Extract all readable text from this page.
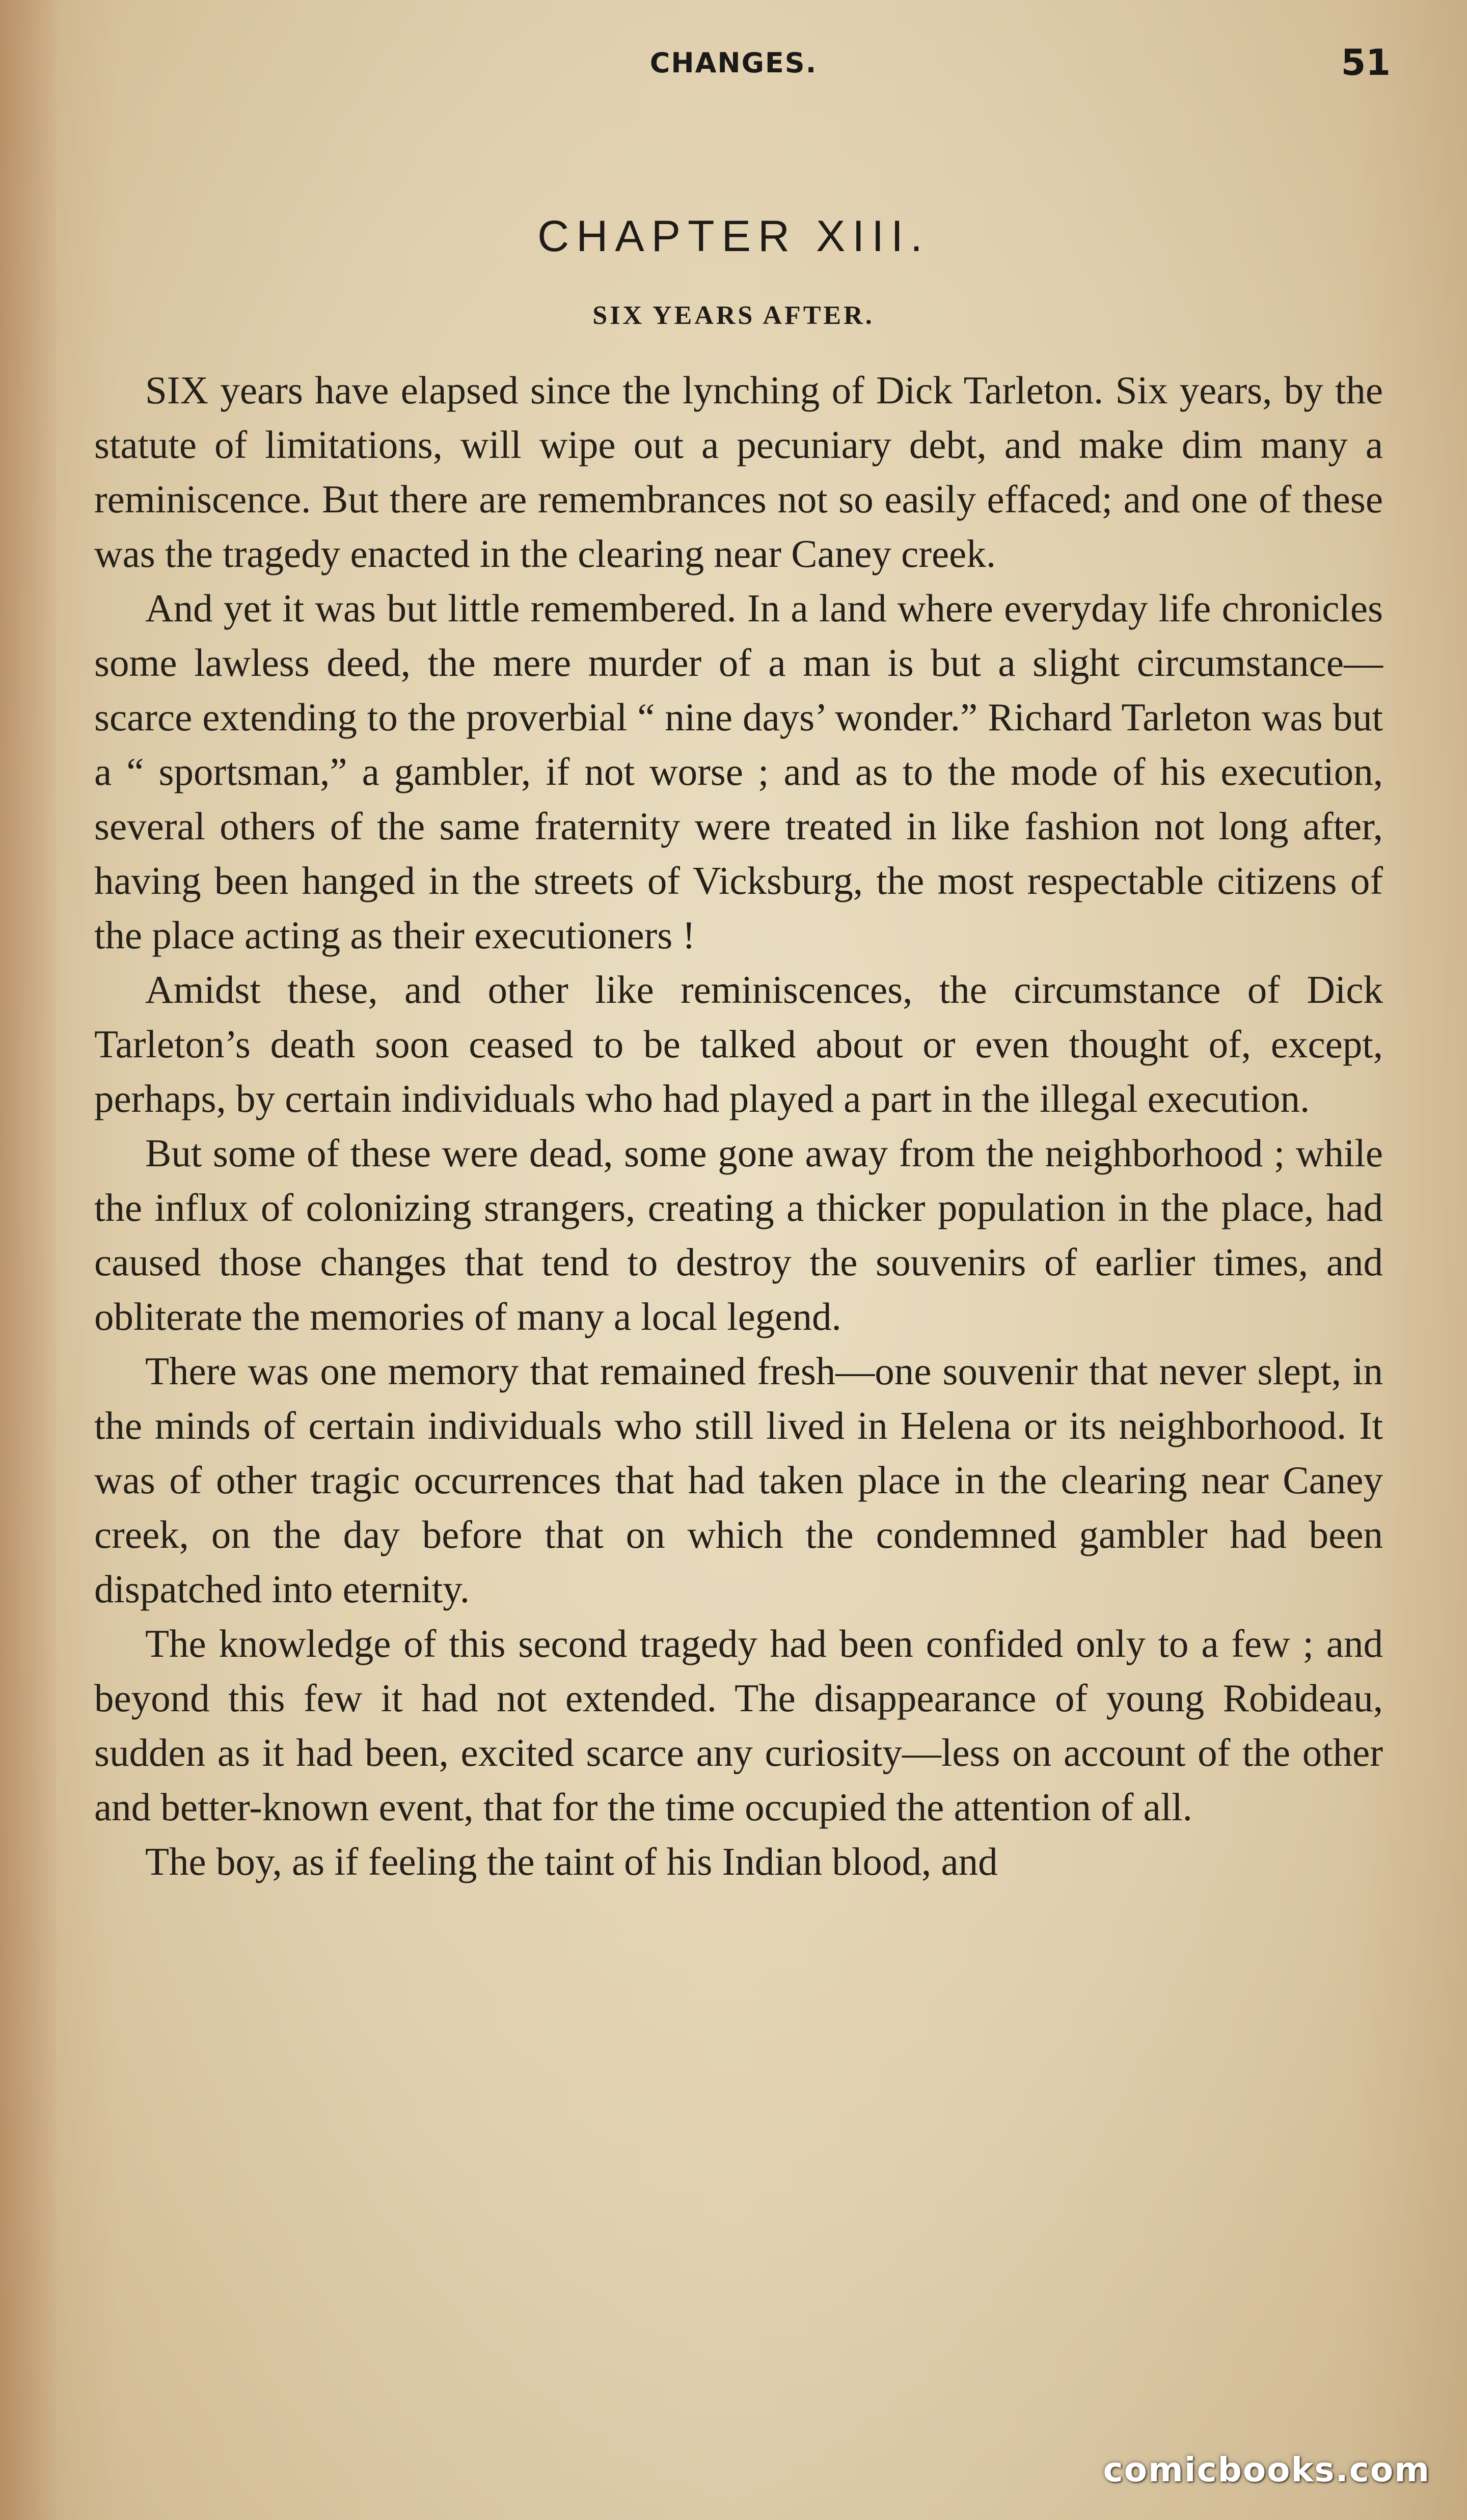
CHANGES.	51
CHAPTER XIII.
SIX YEARS AFTER.

SIX years have elapsed since the lynching of Dick Tarleton. Six years, by the statute of limitations, will wipe out a pecuniary debt, and make dim many a reminiscence. But there are remembrances not so easily effaced; and one of these was the tragedy enacted in the clearing near Caney creek.

And yet it was but little remembered. In a land where everyday life chronicles some lawless deed, the mere murder of a man is but a slight circumstance—scarce extending to the proverbial “ nine days’ wonder.” Richard Tarleton was but a “ sportsman,” a gambler, if not worse ; and as to the mode of his execution, several others of the same fraternity were treated in like fashion not long after, having been hanged in the streets of Vicksburg, the most respectable citizens of the place acting as their executioners !

Amidst these, and other like reminiscences, the circumstance of Dick Tarleton’s death soon ceased to be talked about or even thought of, except, perhaps, by certain individuals who had played a part in the illegal execution.

But some of these were dead, some gone away from the neighborhood ; while the influx of colonizing strangers, creating a thicker population in the place, had caused those changes that tend to destroy the souvenirs of earlier times, and obliterate the memories of many a local legend.

There was one memory that remained fresh—one souvenir that never slept, in the minds of certain individuals who still lived in Helena or its neighborhood. It was of other tragic occurrences that had taken place in the clearing near Caney creek, on the day before that on which the condemned gambler had been dispatched into eternity.

The knowledge of this second tragedy had been confided only to a few ; and beyond this few it had not extended. The disappearance of young Robideau, sudden as it had been, excited scarce any curiosity—less on account of the other and better-known event, that for the time occupied the attention of all.

The boy, as if feeling the taint of his Indian blood, and

comicbooks.com
